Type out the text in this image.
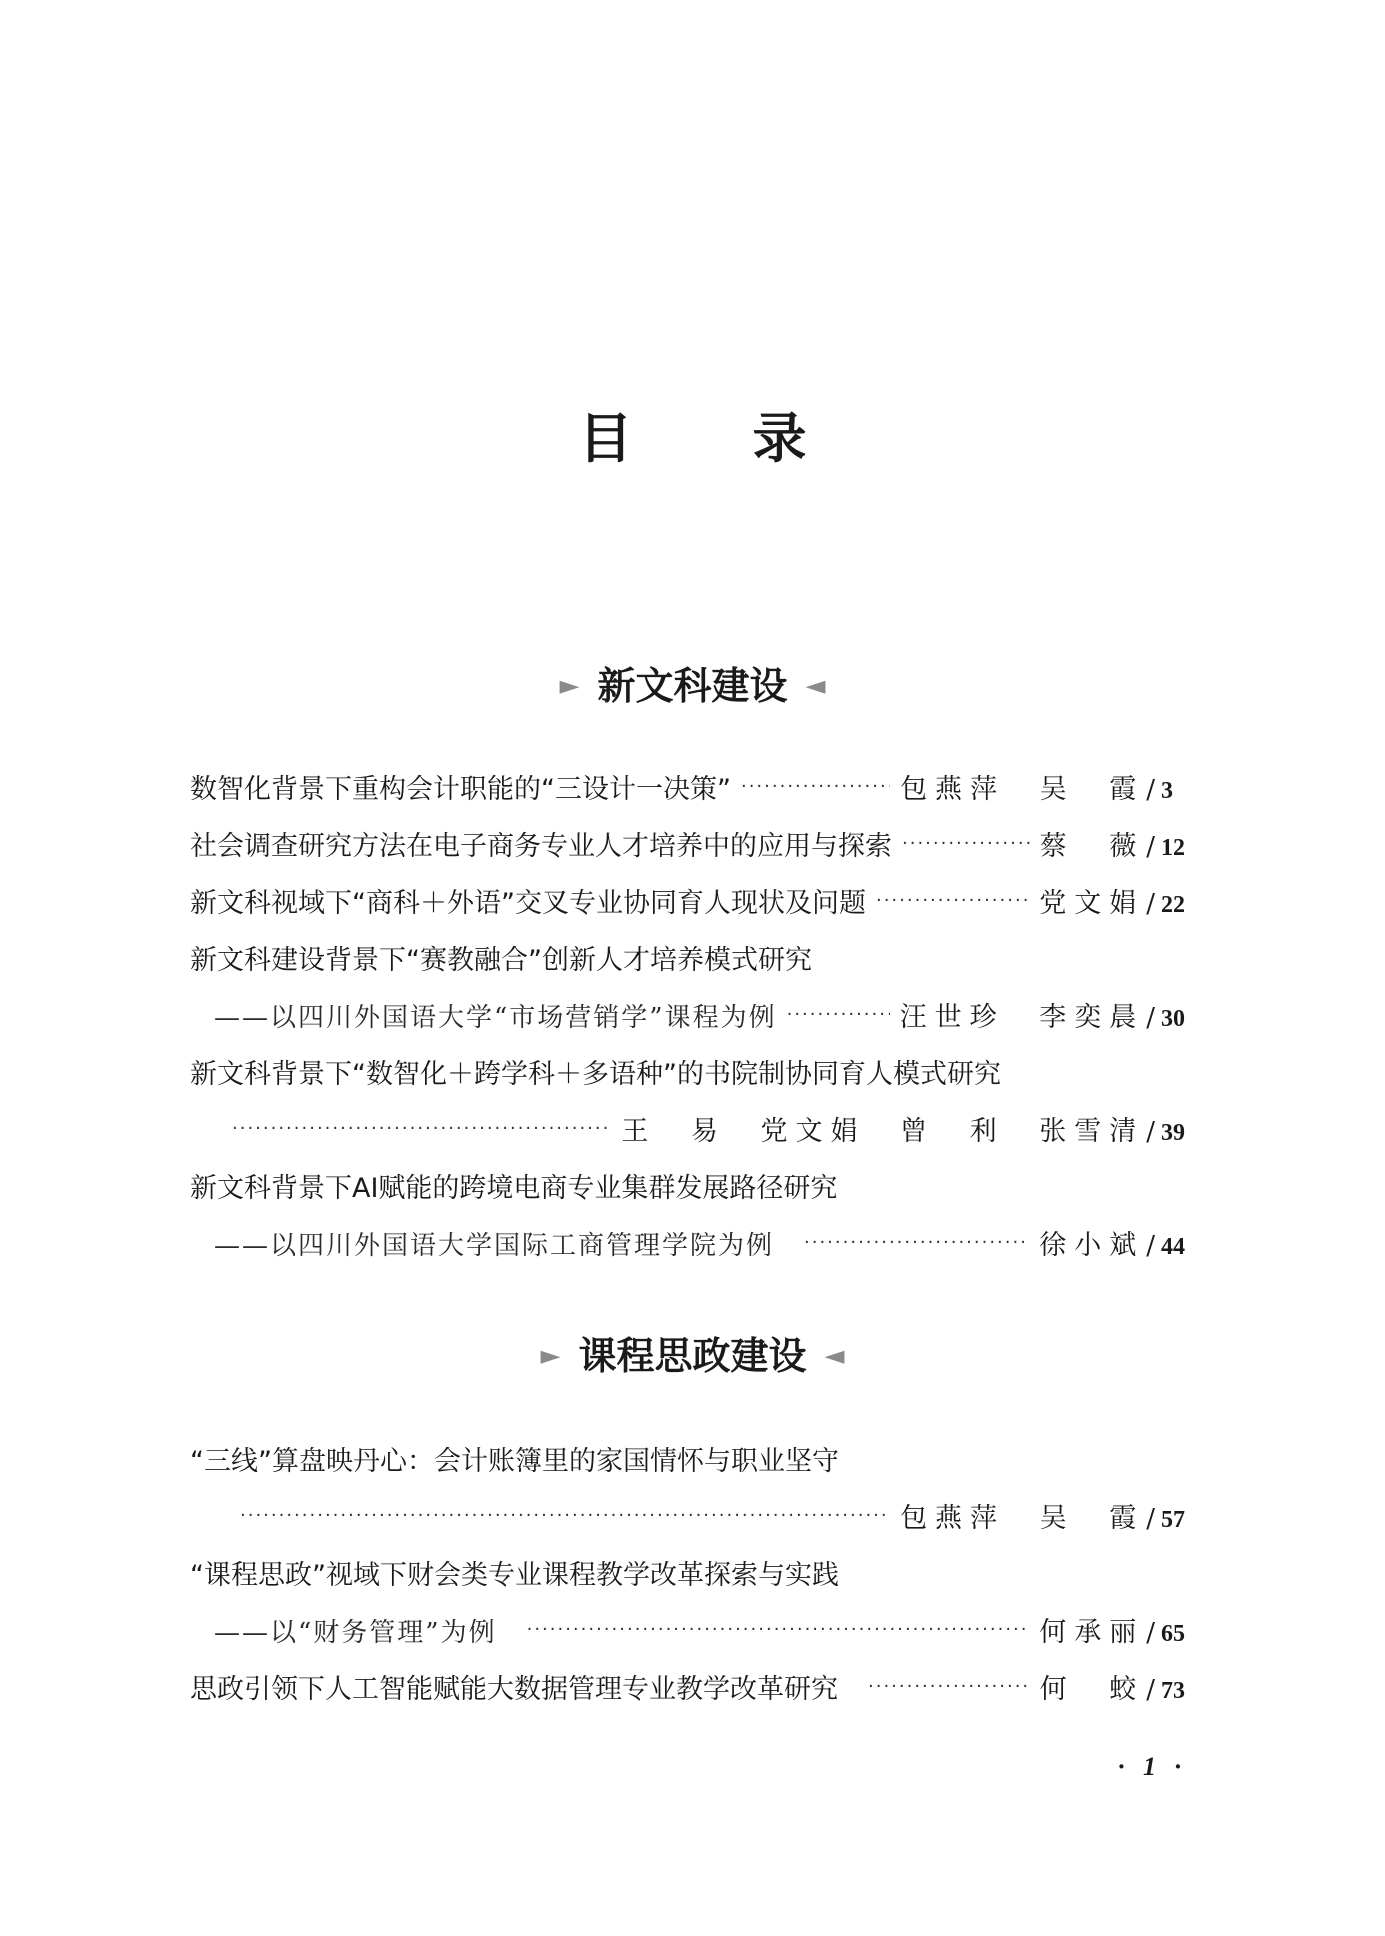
目录
► 新文科建设 ◄
数智化背景下重构会计职能的“三设计一决策” ·····	包燕萍 吴 霞 / 3
社会调查研究方法在电子商务专业人才培养中的应用与探索 ·····	蔡 薇 / 12
新文科视域下“商科＋外语”交叉专业协同育人现状及问题 ·····	党文娟 / 22
新文科建设背景下“赛教融合”创新人才培养模式研究
——以四川外国语大学“市场营销学”课程为例 ·····	汪世珍 李奕晨 / 30
新文科背景下“数智化＋跨学科＋多语种”的书院制协同育人模式研究
·····
王 易 党文娟 曾 利 张雪清 / 39
新文科背景下AI赋能的跨境电商专业集群发展路径研究
——以四川外国语大学国际工商管理学院为例 ·····	徐小斌 / 44
► 课程思政建设 ◄
“三线”算盘映丹心：会计账簿里的家国情怀与职业坚守
·····
包燕萍 吴 霞 / 57
“课程思政”视域下财会类专业课程教学改革探索与实践
——以“财务管理”为例 ·····	何承丽 / 65
思政引领下人工智能赋能大数据管理专业教学改革研究 ·····	何 蛟 / 73
· 1 ·
